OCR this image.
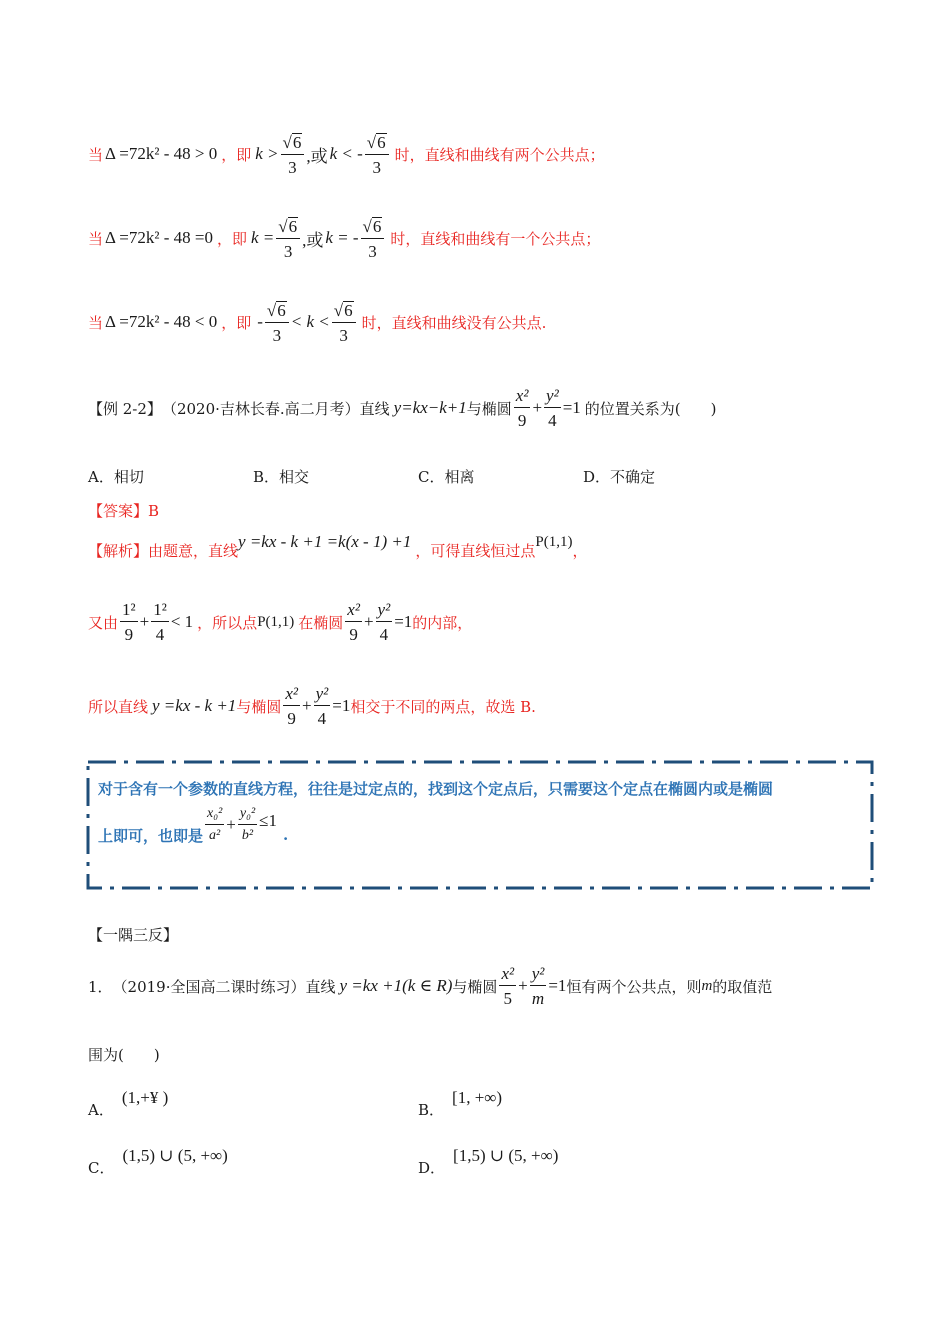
当 Δ =72k² - 48 > 0 ，即 $k > \frac{√6}{3}$ ,或 k < - $\frac{√6}{3}$ 时，直线和曲线有两个公共点；
当 Δ =72k² - 48 =0 ，即 $k = \frac{√6}{3}$ ,或 k = - $\frac{√6}{3}$ 时，直线和曲线有一个公共点；
当 Δ =72k² - 48 < 0 ，即 - $\frac{√6}{3} < k < \frac{√6}{3}$ 时，直线和曲线没有公共点.
【例 2-2】 （2020·吉林长春.高二月考）直线 y=kx−k+1 与椭圆 $\frac{\text{x²}}{9} + \frac{\text{y²}}{4} =1$ 的位置关系为(　　)
A．相切	B．相交	C．相离	D．不确定
【答案】B
【解析】 由题意，直线 y =kx - k +1 =k(x - 1) +1 ，可得直线恒过点 P(1,1) ，
又由 $\frac{\text{1²}}{9} + \frac{\text{1²}}{4} < 1$ ，所以点 P(1,1) 在椭圆 $\frac{\text{x²}}{9} + \frac{\text{y²}}{4} =1$ 的内部，
所以直线 y =kx - k +1 与椭圆 $\frac{\text{x²}}{9} + \frac{\text{y²}}{4} =1$ 相交于不同的两点，故选 B.
对于含有一个参数的直线方程，往往是过定点的，找到这个定点后，只需要这个定点在椭圆内或是椭圆
上即可，也即是 $\frac{\text{x₀²}}{\text{a²}} + \frac{\text{y₀²}}{\text{b²}} \le 1$
.
【一隅三反】
1． （2019·全国高二课时练习）直线 y =kx +1(k ∈ R) 与椭圆 $\frac{\text{x²}}{5} + \frac{\text{y²}}{m} =1$ 恒有两个公共点，则 m 的取值范
围为(　　)
A．
(1,+¥ )
B．
[1, +∞)
C．
(1,5) ∪ (5, +∞)
D．
[1,5) ∪ (5, +∞)
